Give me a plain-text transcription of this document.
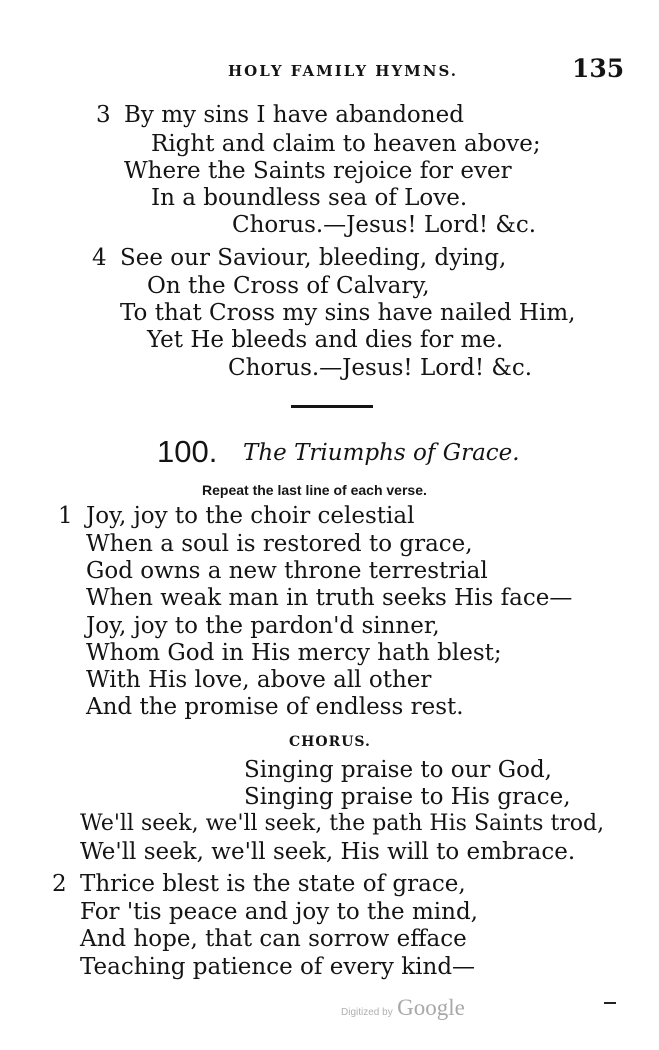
HOLY FAMILY HYMNS.	135
3 By my sins I have abandoned
Right and claim to heaven above;
Where the Saints rejoice for ever
In a boundless sea of Love.
Chorus.—Jesus! Lord! &c.
4 See our Saviour, bleeding, dying,
On the Cross of Calvary,
To that Cross my sins have nailed Him,
Yet He bleeds and dies for me.
Chorus.—Jesus! Lord! &c.
100. The Triumphs of Grace.
Repeat the last line of each verse.
1 Joy, joy to the choir celestial
When a soul is restored to grace,
God owns a new throne terrestrial
When weak man in truth seeks His face—
Joy, joy to the pardon'd sinner,
Whom God in His mercy hath blest;
With His love, above all other
And the promise of endless rest.
CHORUS.
Singing praise to our God,
Singing praise to His grace,
We'll seek, we'll seek, the path His Saints trod,
We'll seek, we'll seek, His will to embrace.
2 Thrice blest is the state of grace,
For 'tis peace and joy to the mind,
And hope, that can sorrow efface
Teaching patience of every kind—
Digitized by Google
